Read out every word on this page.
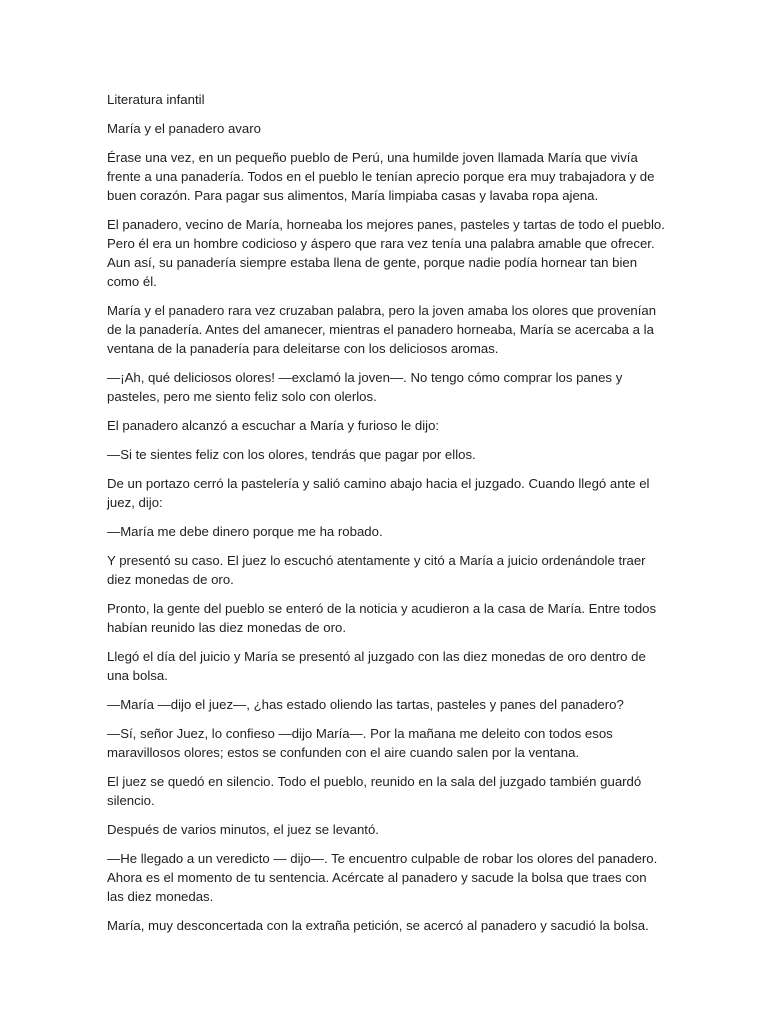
Literatura infantil

María y el panadero avaro

Érase una vez, en un pequeño pueblo de Perú, una humilde joven llamada María que vivía frente a una panadería. Todos en el pueblo le tenían aprecio porque era muy trabajadora y de buen corazón. Para pagar sus alimentos, María limpiaba casas y lavaba ropa ajena.

El panadero, vecino de María, horneaba los mejores panes, pasteles y tartas de todo el pueblo. Pero él era un hombre codicioso y áspero que rara vez tenía una palabra amable que ofrecer. Aun así, su panadería siempre estaba llena de gente, porque nadie podía hornear tan bien como él.

María y el panadero rara vez cruzaban palabra, pero la joven amaba los olores que provenían de la panadería. Antes del amanecer, mientras el panadero horneaba, María se acercaba a la ventana de la panadería para deleitarse con los deliciosos aromas.

—¡Ah, qué deliciosos olores! —exclamó la joven—. No tengo cómo comprar los panes y pasteles, pero me siento feliz solo con olerlos.

El panadero alcanzó a escuchar a María y furioso le dijo:

—Si te sientes feliz con los olores, tendrás que pagar por ellos.

De un portazo cerró la pastelería y salió camino abajo hacia el juzgado. Cuando llegó ante el juez, dijo:

—María me debe dinero porque me ha robado.

Y presentó su caso. El juez lo escuchó atentamente y citó a María a juicio ordenándole traer diez monedas de oro.

Pronto, la gente del pueblo se enteró de la noticia y acudieron a la casa de María. Entre todos habían reunido las diez monedas de oro.

Llegó el día del juicio y María se presentó al juzgado con las diez monedas de oro dentro de una bolsa.

—María —dijo el juez—, ¿has estado oliendo las tartas, pasteles y panes del panadero?

—Sí, señor Juez, lo confieso —dijo María—. Por la mañana me deleito con todos esos maravillosos olores; estos se confunden con el aire cuando salen por la ventana.

El juez se quedó en silencio. Todo el pueblo, reunido en la sala del juzgado también guardó silencio.

Después de varios minutos, el juez se levantó.

—He llegado a un veredicto — dijo—. Te encuentro culpable de robar los olores del panadero. Ahora es el momento de tu sentencia. Acércate al panadero y sacude la bolsa que traes con las diez monedas.

María, muy desconcertada con la extraña petición, se acercó al panadero y sacudió la bolsa.
